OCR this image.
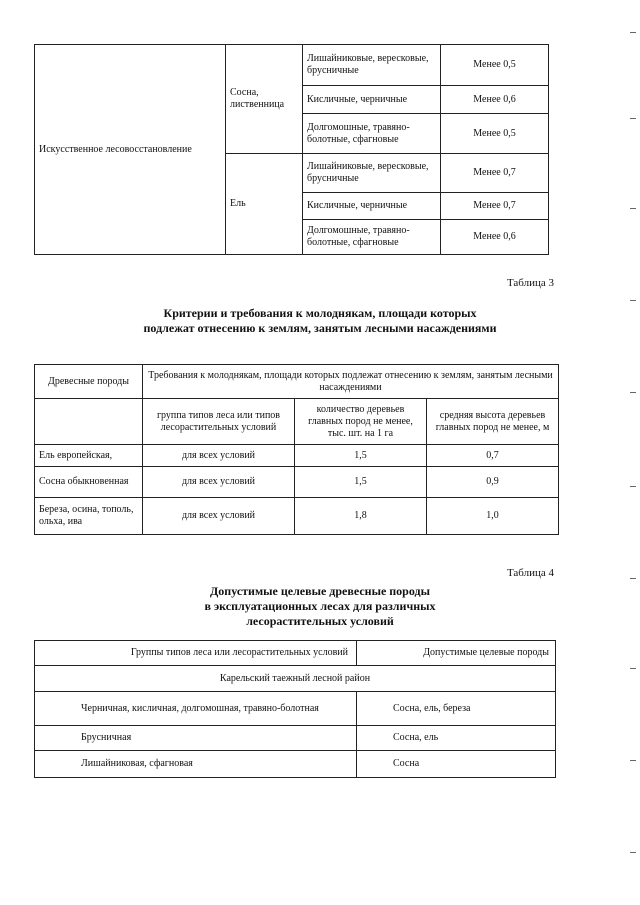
Искусственное лесовосстановление	Сосна, лиственница	Лишайниковые, вересковые, брусничные	Менее 0,5
		Кисличные, черничные	Менее 0,6
		Долгомошные, травяно-болотные, сфагновые	Менее 0,5
	Ель	Лишайниковые, вересковые, брусничные	Менее 0,7
		Кисличные, черничные	Менее 0,7
		Долгомошные, травяно-болотные, сфагновые	Менее 0,6
Таблица 3
Критерии и требования к молоднякам, площади которых
подлежат отнесению к землям, занятым лесными насаждениями
Древесные породы	Требования к молоднякам, площади которых подлежат отнесению к землям, занятым лесными насаждениями		
	группа типов леса или типов лесорастительных условий	количество деревьев главных пород не менее, тыс. шт. на 1 га	средняя высота деревьев главных пород не менее, м
Ель европейская,	для всех условий	1,5	0,7
Сосна обыкновенная	для всех условий	1,5	0,9
Береза, осина, тополь, ольха, ива	для всех условий	1,8	1,0
Таблица 4
Допустимые целевые древесные породы
в эксплуатационных лесах для различных
лесорастительных условий
Группы типов леса или лесорастительных условий	Допустимые целевые породы
Карельский таежный лесной район	
Черничная, кисличная, долгомошная, травяно-болотная	Сосна, ель, береза
Брусничная	Сосна, ель
Лишайниковая, сфагновая	Сосна
